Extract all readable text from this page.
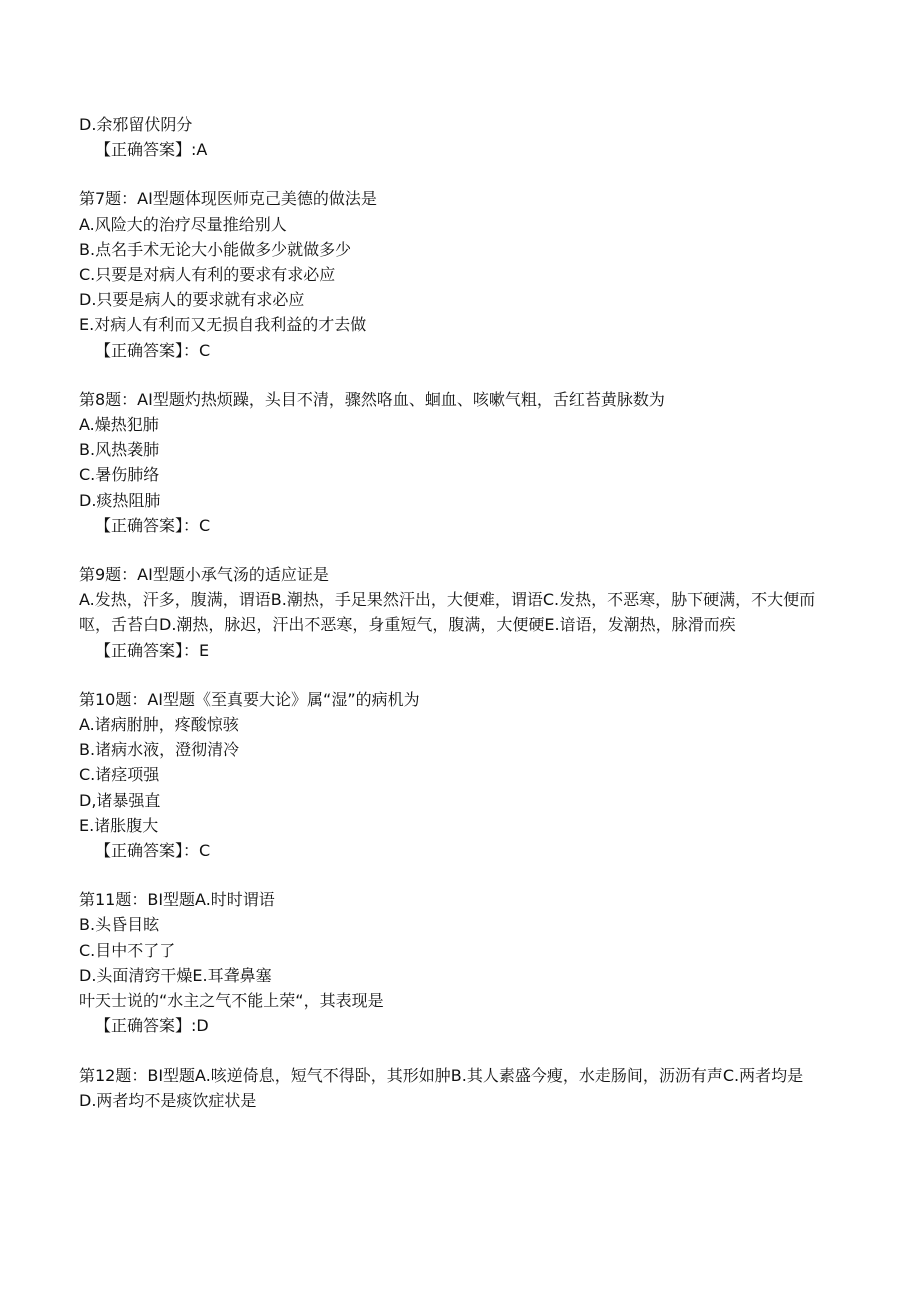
D.余邪留伏阴分
【正确答案】:A
第7题：AI型题体现医师克己美德的做法是
A.风险大的治疗尽量推给别人
B.点名手术无论大小能做多少就做多少
C.只要是对病人有利的要求有求必应
D.只要是病人的要求就有求必应
E.对病人有利而又无损自我利益的才去做
【正确答案】：C
第8题：AI型题灼热烦躁，头目不清，骤然咯血、蛔血、咳嗽气粗，舌红苔黄脉数为
A.燥热犯肺
B.风热袭肺
C.暑伤肺络
D.痰热阻肺
【正确答案】：C
第9题：AI型题小承气汤的适应证是
A.发热，汗多，腹满，谓语B.潮热，手足果然汗出，大便难，谓语C.发热，不恶寒，胁下硬满，不大便而呕，舌苔白D.潮热，脉迟，汗出不恶寒，身重短气，腹满，大便硬E.谙语，发潮热，脉滑而疾
【正确答案】：E
第10题：AI型题《至真要大论》属“湿”的病机为
A.诸病胕肿，疼酸惊骇
B.诸病水液，澄彻清冷
C.诸痉项强
D,诸暴强直
E.诸胀腹大
【正确答案】：C
第11题：BI型题A.时时谓语
B.头昏目眩
C.目中不了了
D.头面清窍干燥E.耳聋鼻塞
叶天士说的“水主之气不能上荣“，其表现是
【正确答案】:D
第12题：BI型题A.咳逆倚息，短气不得卧，其形如肿B.其人素盛今瘦，水走肠间，沥沥有声C.两者均是
D.两者均不是痰饮症状是
